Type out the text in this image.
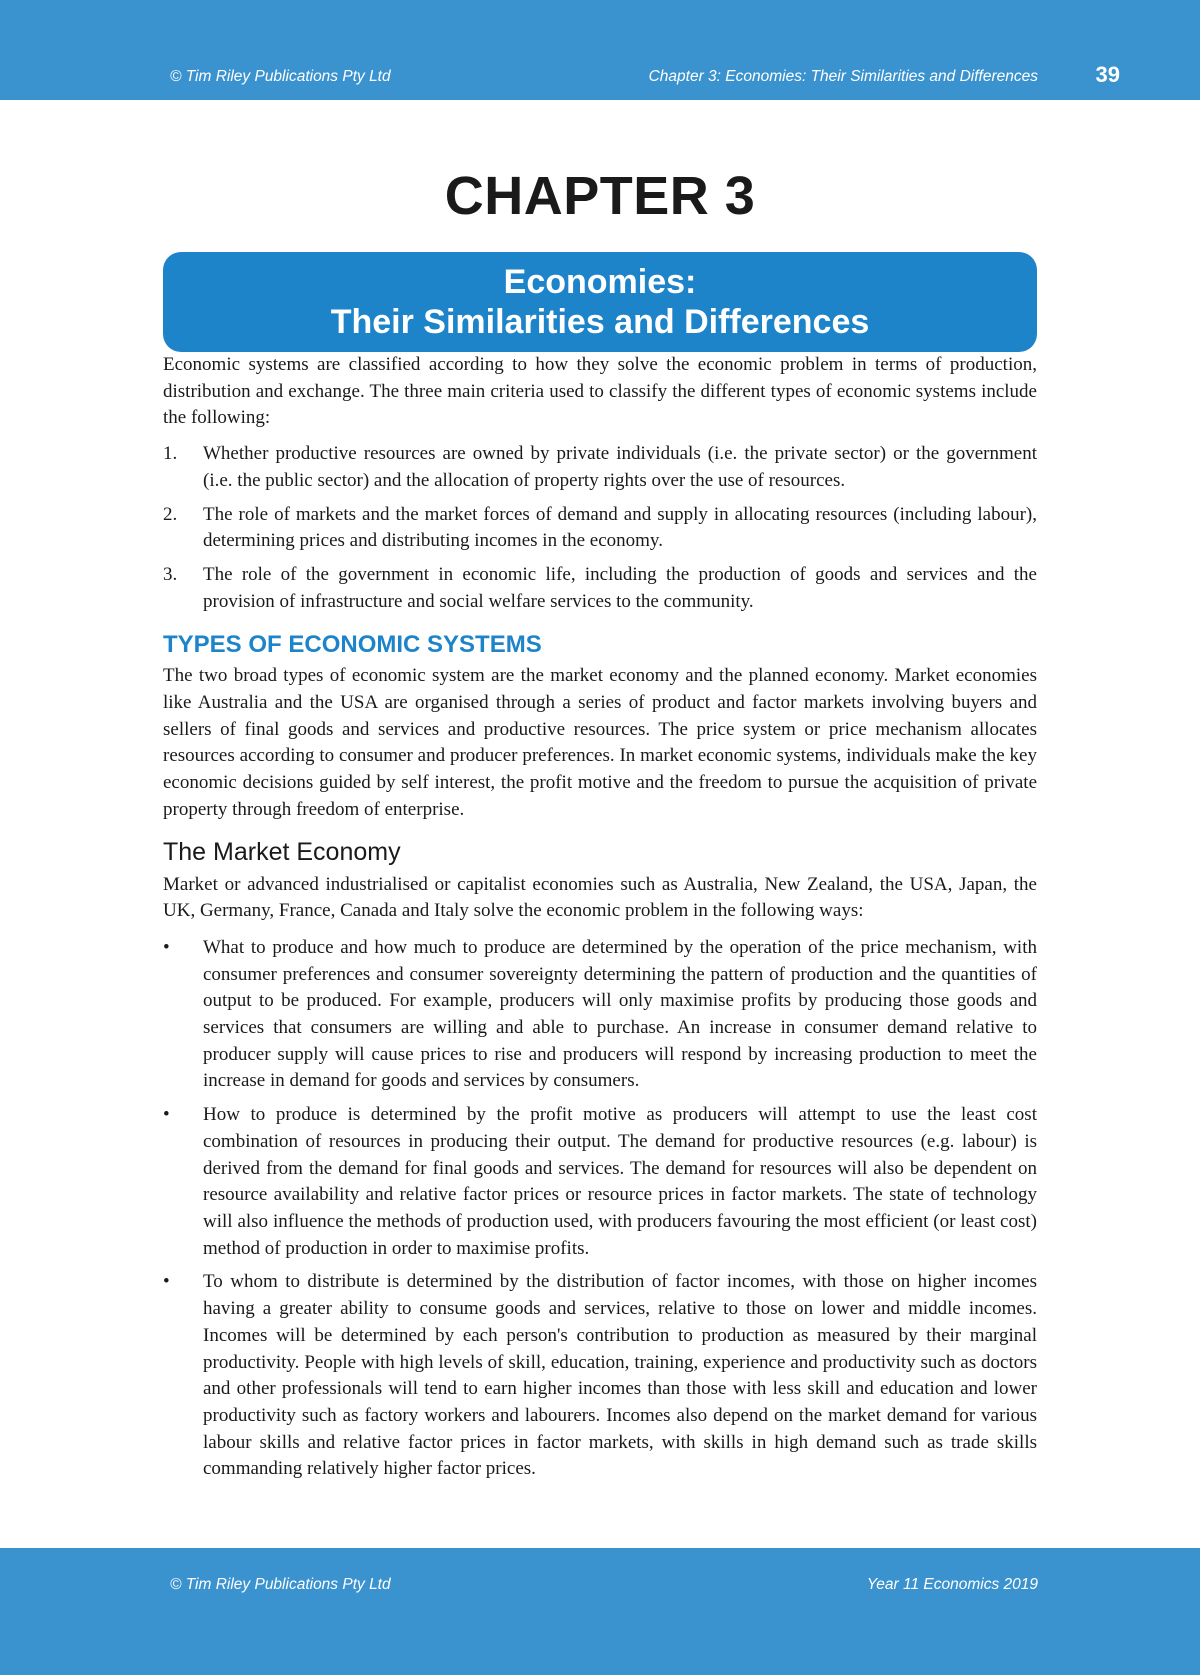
© Tim Riley Publications Pty Ltd	Chapter 3: Economies: Their Similarities and Differences	39
CHAPTER 3
Economies:
Their Similarities and Differences

Economic systems are classified according to how they solve the economic problem in terms of production, distribution and exchange. The three main criteria used to classify the different types of economic systems include the following:

1. Whether productive resources are owned by private individuals (i.e. the private sector) or the government (i.e. the public sector) and the allocation of property rights over the use of resources.
2. The role of markets and the market forces of demand and supply in allocating resources (including labour), determining prices and distributing incomes in the economy.
3. The role of the government in economic life, including the production of goods and services and the provision of infrastructure and social welfare services to the community.
TYPES OF ECONOMIC SYSTEMS

The two broad types of economic system are the market economy and the planned economy. Market economies like Australia and the USA are organised through a series of product and factor markets involving buyers and sellers of final goods and services and productive resources. The price system or price mechanism allocates resources according to consumer and producer preferences. In market economic systems, individuals make the key economic decisions guided by self interest, the profit motive and the freedom to pursue the acquisition of private property through freedom of enterprise.

The Market Economy

Market or advanced industrialised or capitalist economies such as Australia, New Zealand, the USA, Japan, the UK, Germany, France, Canada and Italy solve the economic problem in the following ways:

• What to produce and how much to produce are determined by the operation of the price mechanism, with consumer preferences and consumer sovereignty determining the pattern of production and the quantities of output to be produced. For example, producers will only maximise profits by producing those goods and services that consumers are willing and able to purchase. An increase in consumer demand relative to producer supply will cause prices to rise and producers will respond by increasing production to meet the increase in demand for goods and services by consumers.
• How to produce is determined by the profit motive as producers will attempt to use the least cost combination of resources in producing their output. The demand for productive resources (e.g. labour) is derived from the demand for final goods and services. The demand for resources will also be dependent on resource availability and relative factor prices or resource prices in factor markets. The state of technology will also influence the methods of production used, with producers favouring the most efficient (or least cost) method of production in order to maximise profits.
• To whom to distribute is determined by the distribution of factor incomes, with those on higher incomes having a greater ability to consume goods and services, relative to those on lower and middle incomes. Incomes will be determined by each person's contribution to production as measured by their marginal productivity. People with high levels of skill, education, training, experience and productivity such as doctors and other professionals will tend to earn higher incomes than those with less skill and education and lower productivity such as factory workers and labourers. Incomes also depend on the market demand for various labour skills and relative factor prices in factor markets, with skills in high demand such as trade skills commanding relatively higher factor prices.
© Tim Riley Publications Pty Ltd	Year 11 Economics 2019
